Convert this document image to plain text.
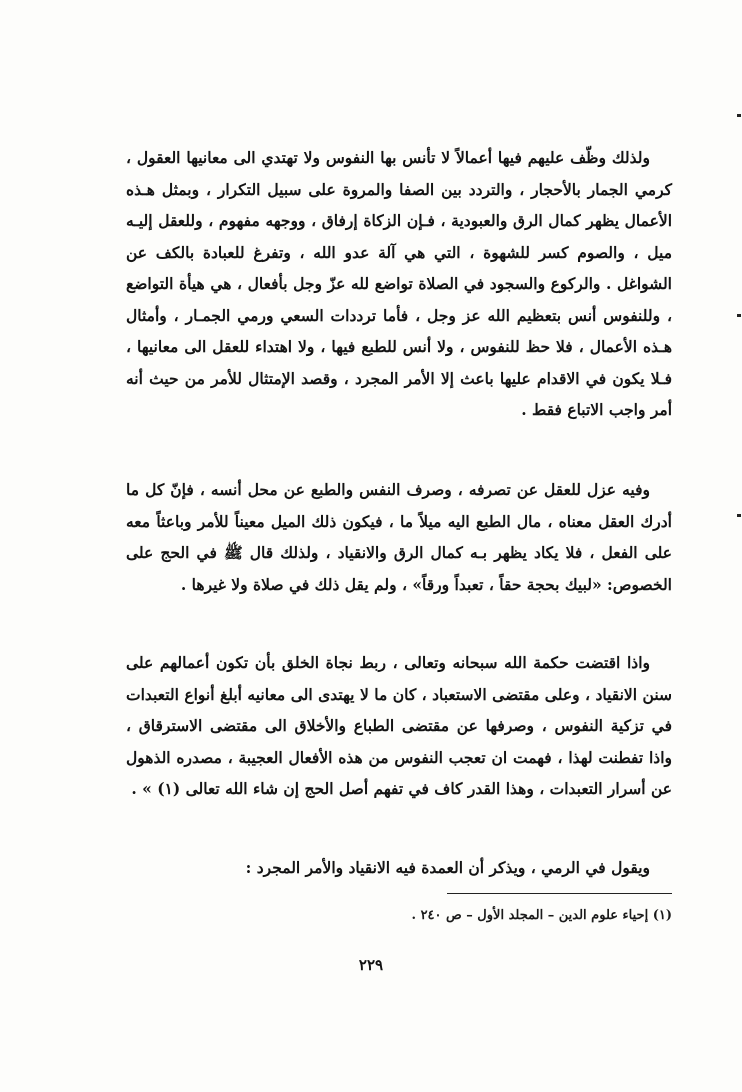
ولذلك وظّف عليهم فيها أعمالاً لا تأنس بها النفوس ولا تهتدي الى معانيها العقول ، كرمي الجمار بالأحجار ، والتردد بين الصفا والمروة على سبيل التكرار ، وبمثل هـذه الأعمال يظهر كمال الرق والعبودية ، فـإن الزكاة إرفاق ، ووجهه مفهوم ، وللعقل إليـه ميل ، والصوم كسر للشهوة ، التي هي آلة عدو الله ، وتفرغ للعبادة بالكف عن الشواغل . والركوع والسجود في الصلاة تواضع لله عزّ وجل بأفعال ، هي هيأة التواضع ، وللنفوس أنس بتعظيم الله عز وجل ، فأما ترددات السعي ورمي الجمـار ، وأمثال هـذه الأعمال ، فلا حظ للنفوس ، ولا أنس للطبع فيها ، ولا اهتداء للعقل الى معانيها ، فـلا يكون في الاقدام عليها باعث إلا الأمر المجرد ، وقصد الإمتثال للأمر من حيث أنه أمر واجب الاتباع فقط .

وفيه عزل للعقل عن تصرفه ، وصرف النفس والطبع عن محل أنسه ، فإنّ كل ما أدرك العقل معناه ، مال الطبع اليه ميلاً ما ، فيكون ذلك الميل معيناً للأمر وباعثاً معه على الفعل ، فلا يكاد يظهر بـه كمال الرق والانقياد ، ولذلك قال ﷺ في الحج على الخصوص: «لبيك بحجة حقاً ، تعبداً ورقاً» ، ولم يقل ذلك في صلاة ولا غيرها .

واذا اقتضت حكمة الله سبحانه وتعالى ، ربط نجاة الخلق بأن تكون أعمالهم على سنن الانقياد ، وعلى مقتضى الاستعباد ، كان ما لا يهتدى الى معانيه أبلغ أنواع التعبدات في تزكية النفوس ، وصرفها عن مقتضى الطباع والأخلاق الى مقتضى الاسترقاق ، واذا تفطنت لهذا ، فهمت ان تعجب النفوس من هذه الأفعال العجيبة ، مصدره الذهول عن أسرار التعبدات ، وهذا القدر كاف في تفهم أصل الحج إن شاء الله تعالى (١) » .

ويقول في الرمي ، ويذكر أن العمدة فيه الانقياد والأمر المجرد :

(١) إحياء علوم الدين – المجلد الأول – ص ٢٤٠ .

٢٢٩
